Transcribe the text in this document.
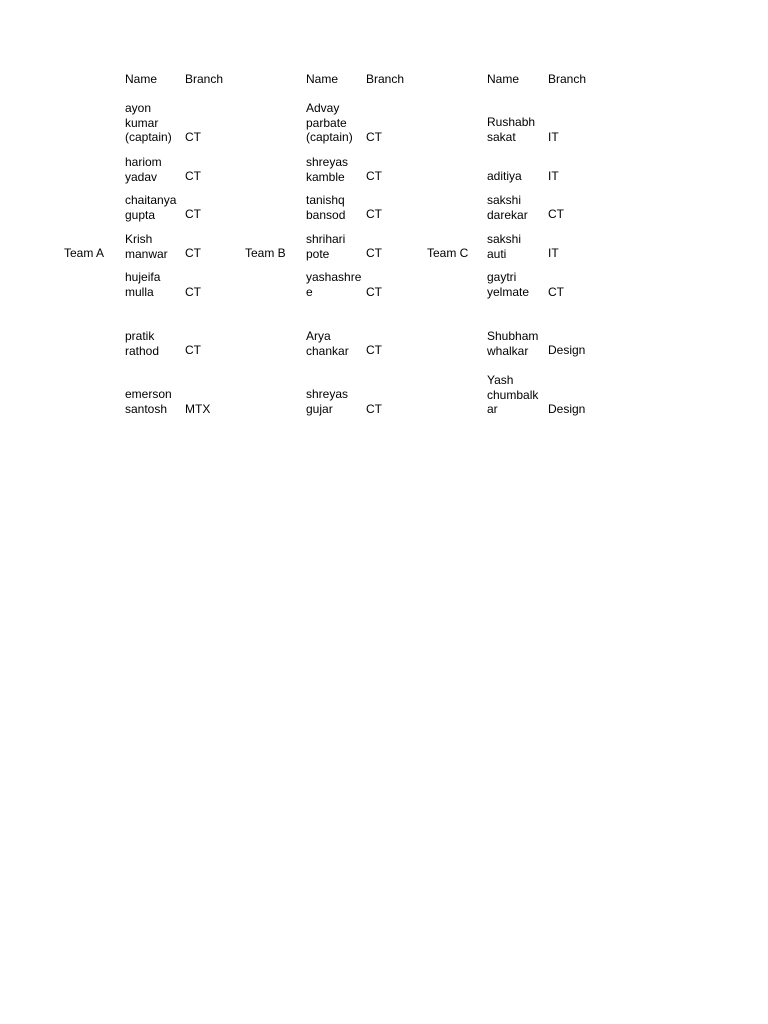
Team A
Name	Branch
ayon
kumar
(captain)	CT
hariom
yadav	CT
chaitanya
gupta	CT
Krish
manwar	CT
hujeifa
mulla	CT
pratik
rathod	CT
emerson
santosh	MTX
Team B
Name	Branch
Advay
parbate
(captain)	CT
shreyas
kamble	CT
tanishq
bansod	CT
shrihari
pote	CT
yashashre
e	CT
Arya
chankar	CT
shreyas
gujar	CT
Team C
Name	Branch
Rushabh
sakat	IT
aditiya	IT
sakshi
darekar	CT
sakshi
auti	IT
gaytri
yelmate	CT
Shubham
whalkar	Design
Yash
chumbalk
ar	Design
